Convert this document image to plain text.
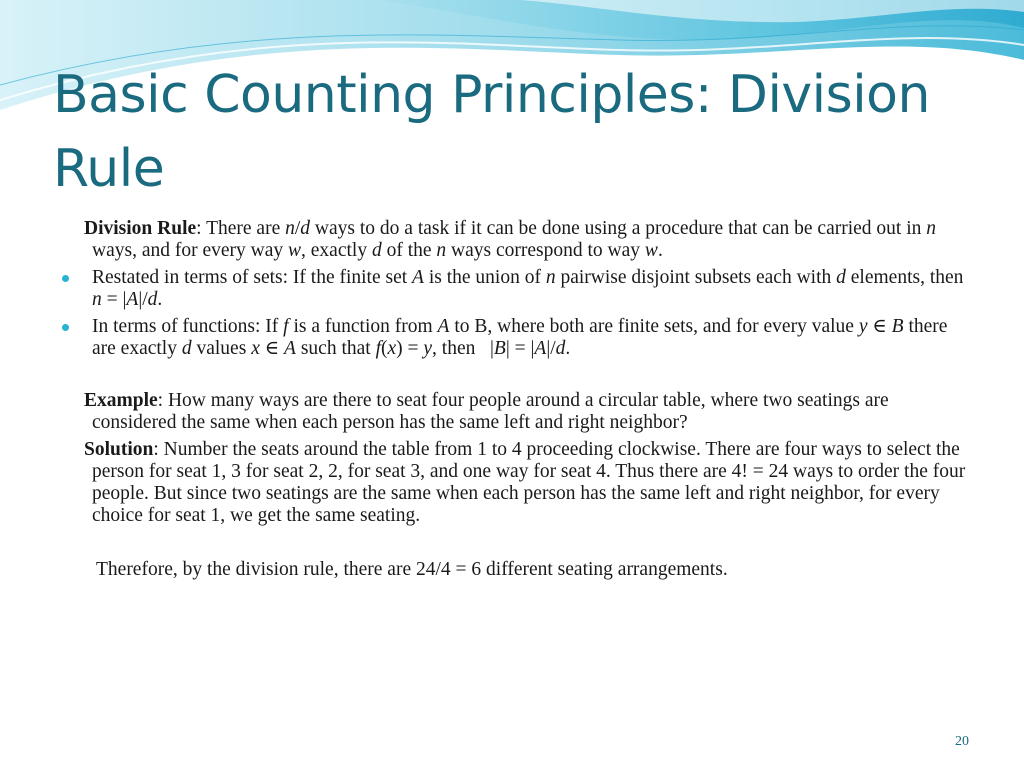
Basic Counting Principles: Division Rule

Division Rule: There are n/d ways to do a task if it can be done using a procedure that can be carried out in n ways, and for every way w, exactly d of the n ways correspond to way w.

Restated in terms of sets: If the finite set A is the union of n pairwise disjoint subsets each with d elements, then n = |A|/d.

In terms of functions: If f is a function from A to B, where both are finite sets, and for every value y ∈ B there are exactly d values x ∈ A such that f(x) = y, then   |B| = |A|/d.

Example: How many ways are there to seat four people around a circular table, where two seatings are considered the same when each person has the same left and right neighbor?

Solution: Number the seats around the table from 1 to 4 proceeding clockwise. There are four ways to select the person for seat 1, 3 for seat 2, 2, for seat 3, and one way for seat 4. Thus there are 4! = 24 ways to order the four people. But since two seatings are the same when each person has the same left and right neighbor, for every choice for seat 1, we get the same seating.

Therefore, by the division rule, there are 24/4 = 6 different seating arrangements.

20
